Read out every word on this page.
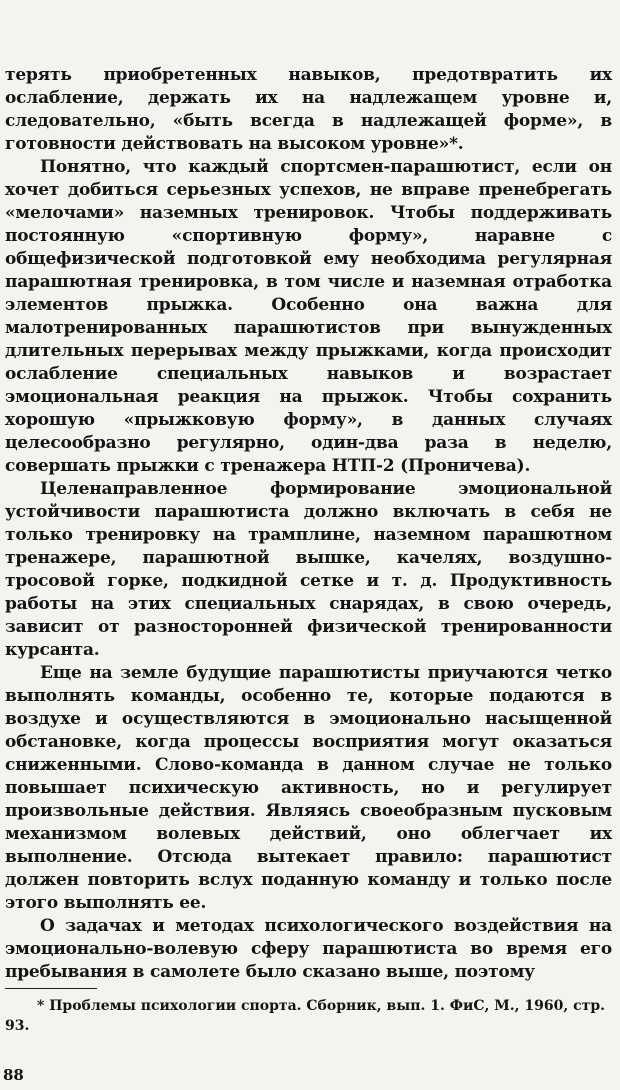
терять приобретенных навыков, предотвратить их ослабление, держать их на надлежащем уровне и, следовательно, «быть всегда в надлежащей форме», в готовности действовать на высоком уровне»*.

Понятно, что каждый спортсмен-парашютист, если он хочет добиться серьезных успехов, не вправе пренебрегать «мелочами» наземных тренировок. Чтобы поддерживать постоянную «спортивную форму», наравне с общефизической подготовкой ему необходима регулярная парашютная тренировка, в том числе и наземная отработка элементов прыжка. Особенно она важна для малотренированных парашютистов при вынужденных длительных перерывах между прыжками, когда происходит ослабление специальных навыков и возрастает эмоциональная реакция на прыжок. Чтобы сохранить хорошую «прыжковую форму», в данных случаях целесообразно регулярно, один-два раза в неделю, совершать прыжки с тренажера НТП-2 (Проничева).

Целенаправленное формирование эмоциональной устойчивости парашютиста должно включать в себя не только тренировку на трамплине, наземном парашютном тренажере, парашютной вышке, качелях, воздушно-тросовой горке, подкидной сетке и т. д. Продуктивность работы на этих специальных снарядах, в свою очередь, зависит от разносторонней физической тренированности курсанта.

Еще на земле будущие парашютисты приучаются четко выполнять команды, особенно те, которые подаются в воздухе и осуществляются в эмоционально насыщенной обстановке, когда процессы восприятия могут оказаться сниженными. Слово-команда в данном случае не только повышает психическую активность, но и регулирует произвольные действия. Являясь своеобразным пусковым механизмом волевых действий, оно облегчает их выполнение. Отсюда вытекает правило: парашютист должен повторить вслух поданную команду и только после этого выполнять ее.

О задачах и методах психологического воздействия на эмоционально-волевую сферу парашютиста во время его пребывания в самолете было сказано выше, поэтому

* Проблемы психологии спорта. Сборник, вып. 1. ФиС, М., 1960, стр. 93.

88
